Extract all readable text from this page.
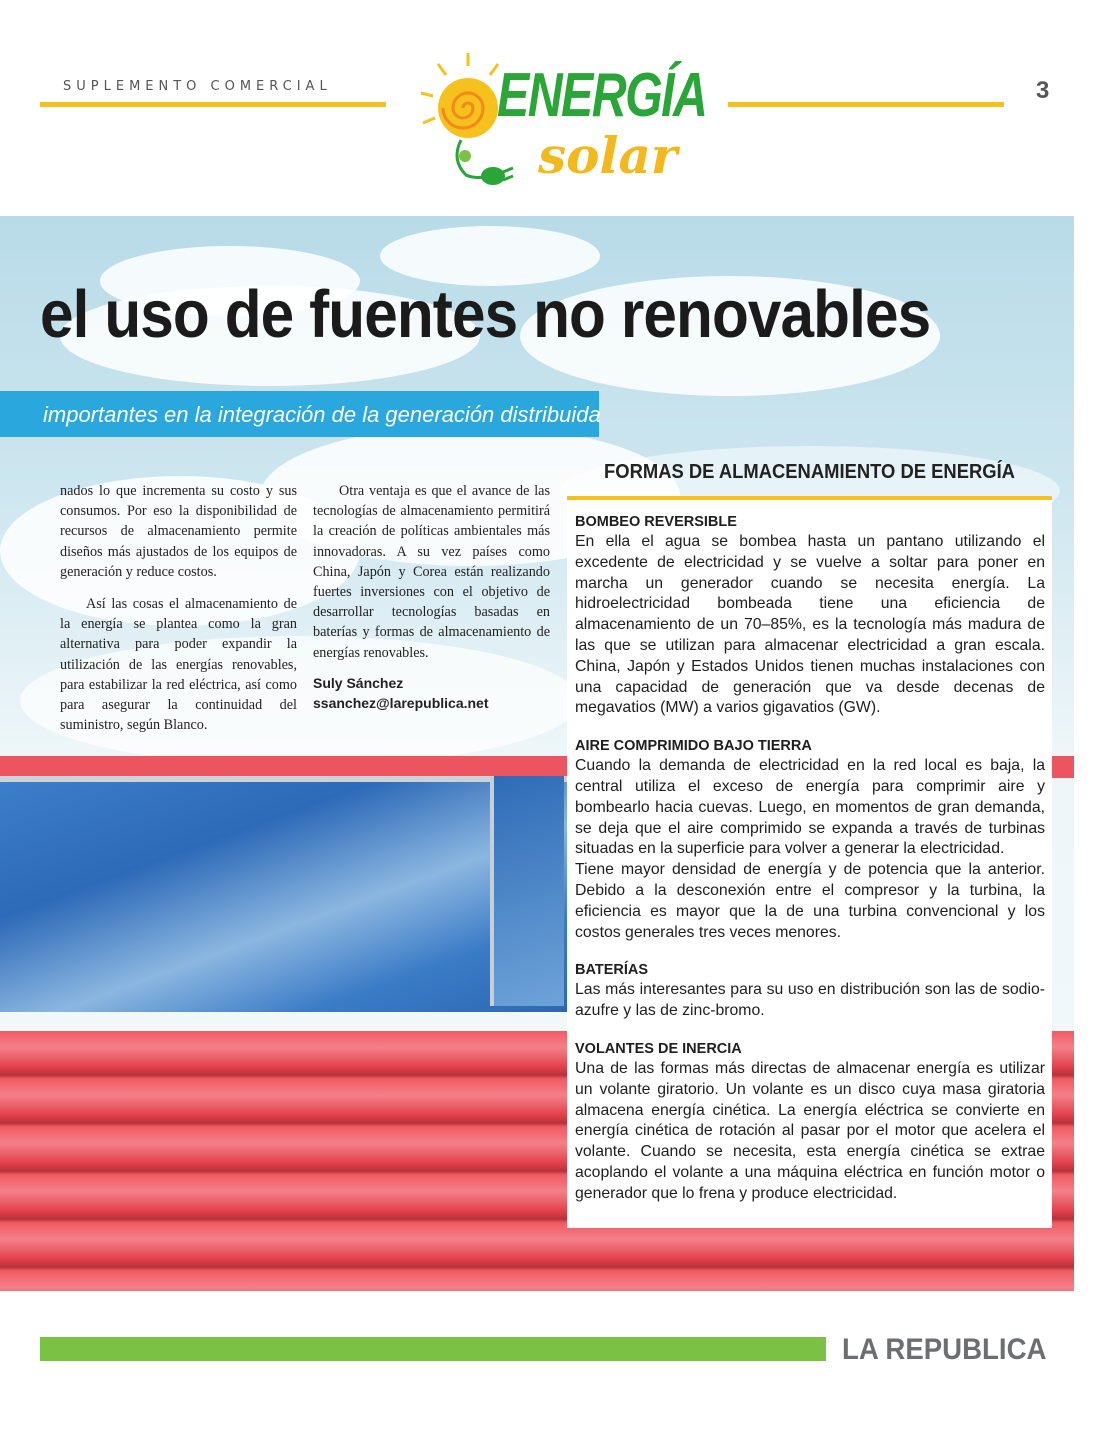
SUPLEMENTO COMERCIAL	3
ENERGÍA
solar
el uso de fuentes no renovables
importantes en la integración de la generación distribuida

nados lo que incrementa su costo y sus consumos. Por eso la disponibilidad de recursos de almacenamiento permite diseños más ajustados de los equipos de generación y reduce costos.

Así las cosas el almacenamiento de la energía se plantea como la gran alternativa para poder expandir la utilización de las energías renovables, para estabilizar la red eléctrica, así como para asegurar la continuidad del suministro, según Blanco.

Otra ventaja es que el avance de las tecnologías de almacenamiento permitirá la creación de políticas ambientales más innovadoras. A su vez países como China, Japón y Corea están realizando fuertes inversiones con el objetivo de desarrollar tecnologías basadas en baterías y formas de almacenamiento de energías renovables.

Suly Sánchez
ssanchez@larepublica.net
FORMAS DE ALMACENAMIENTO DE ENERGÍA
BOMBEO REVERSIBLE

En ella el agua se bombea hasta un pantano utilizando el excedente de electricidad y se vuelve a soltar para poner en marcha un generador cuando se necesita energía. La hidroelectricidad bombeada tiene una eficiencia de almacenamiento de un 70–85%, es la tecnología más madura de las que se utilizan para almacenar electricidad a gran escala. China, Japón y Estados Unidos tienen muchas instalaciones con una capacidad de generación que va desde decenas de megavatios (MW) a varios gigavatios (GW).

AIRE COMPRIMIDO BAJO TIERRA

Cuando la demanda de electricidad en la red local es baja, la central utiliza el exceso de energía para comprimir aire y bombearlo hacia cuevas. Luego, en momentos de gran demanda, se deja que el aire comprimido se expanda a través de turbinas situadas en la superficie para volver a generar la electricidad.

Tiene mayor densidad de energía y de potencia que la anterior. Debido a la desconexión entre el compresor y la turbina, la eficiencia es mayor que la de una turbina convencional y los costos generales tres veces menores.

BATERÍAS

Las más interesantes para su uso en distribución son las de sodio-azufre y las de zinc-bromo.

VOLANTES DE INERCIA

Una de las formas más directas de almacenar energía es utilizar un volante giratorio. Un volante es un disco cuya masa giratoria almacena energía cinética. La energía eléctrica se convierte en energía cinética de rotación al pasar por el motor que acelera el volante. Cuando se necesita, esta energía cinética se extrae acoplando el volante a una máquina eléctrica en función motor o generador que lo frena y produce electricidad.

LA REPUBLICA
